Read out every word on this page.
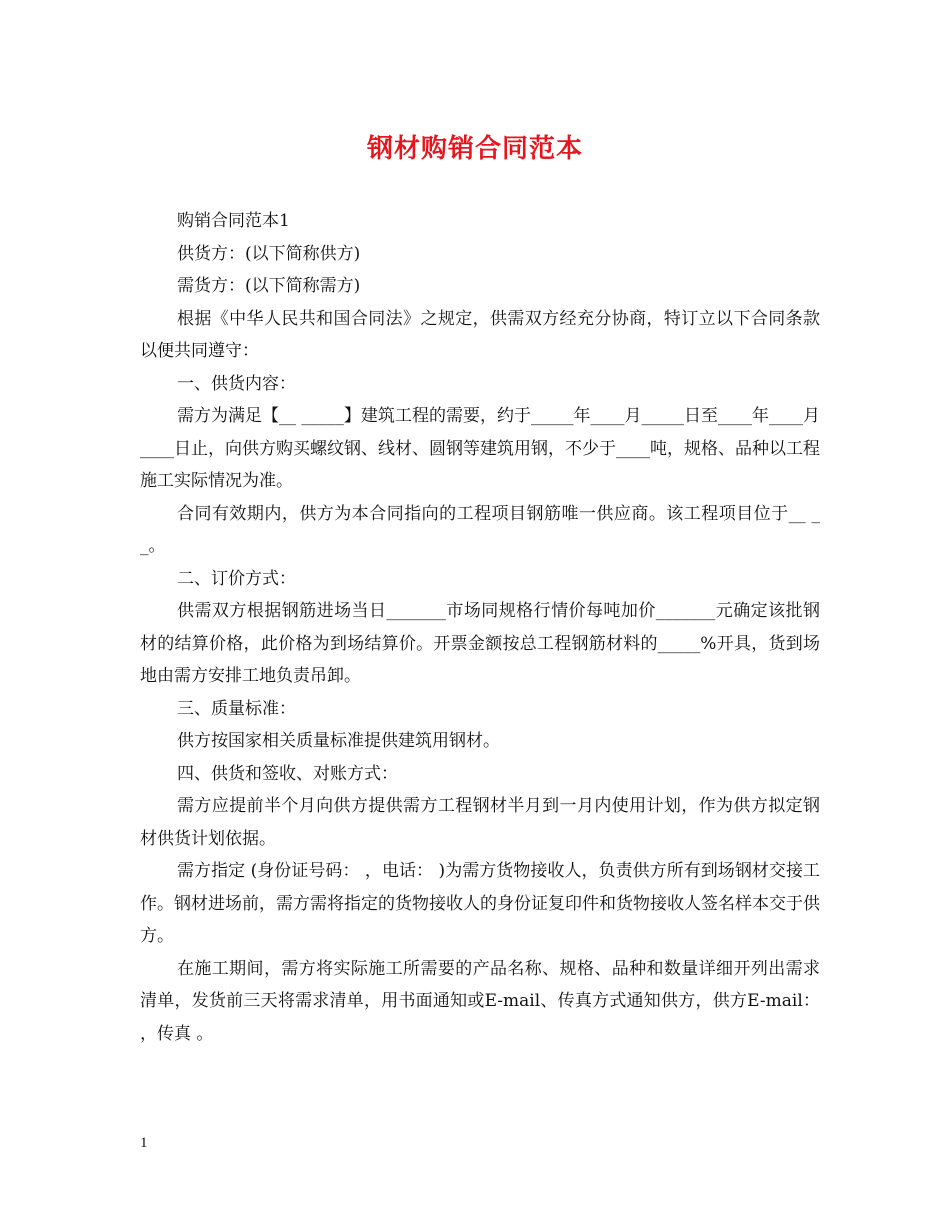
钢材购销合同范本

购销合同范本1

供货方：(以下简称供方)

需货方：(以下简称需方)

根据《中华人民共和国合同法》之规定，供需双方经充分协商，特订立以下合同条款以便共同遵守：

一、供货内容：

需方为满足【__ _____】建筑工程的需要，约于_____年____月_____日至____年____月____日止，向供方购买螺纹钢、线材、圆钢等建筑用钢，不少于____吨，规格、品种以工程施工实际情况为准。

合同有效期内，供方为本合同指向的工程项目钢筋唯一供应商。该工程项目位于__ __。

二、订价方式：

供需双方根据钢筋进场当日_______市场同规格行情价每吨加价_______元确定该批钢材的结算价格，此价格为到场结算价。开票金额按总工程钢筋材料的_____%开具，货到场地由需方安排工地负责吊卸。

三、质量标准：

供方按国家相关质量标准提供建筑用钢材。

四、供货和签收、对账方式：

需方应提前半个月向供方提供需方工程钢材半月到一月内使用计划，作为供方拟定钢材供货计划依据。

需方指定 (身份证号码： ，电话： )为需方货物接收人，负责供方所有到场钢材交接工作。钢材进场前，需方需将指定的货物接收人的身份证复印件和货物接收人签名样本交于供方。

在施工期间，需方将实际施工所需要的产品名称、规格、品种和数量详细开列出需求清单，发货前三天将需求清单，用书面通知或E-mail、传真方式通知供方，供方E-mail： ，传真 。

1
